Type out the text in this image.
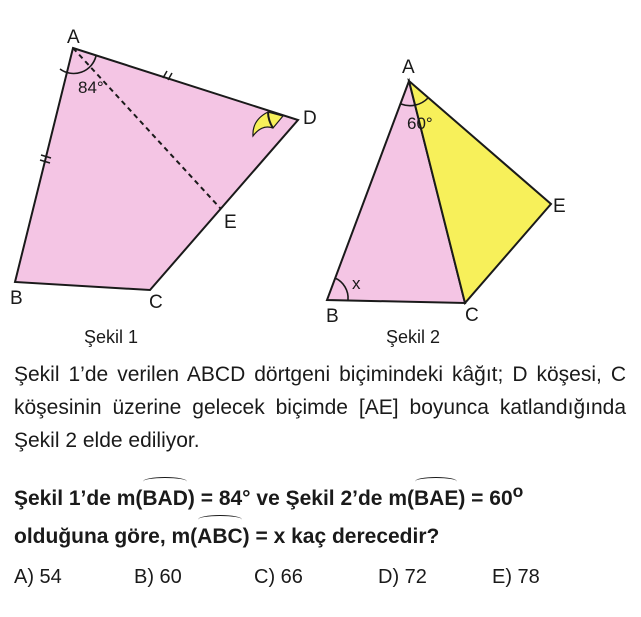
A
B	C
D
E
84°
Şekil 1
A
B	C
E
60°
x
Şekil 2

Şekil 1’de verilen ABCD dörtgeni biçimindeki kâğıt; D köşesi, C köşesinin üzerine gelecek biçimde [AE] boyunca katlandığında Şekil 2 elde ediliyor.

Şekil 1’de m(BAD) = 84° ve Şekil 2’de $m(BAE) = 60^o$
olduğuna göre, m(ABC) = x kaç derecedir?

A) 54	B) 60	C) 66	D) 72	E) 78
